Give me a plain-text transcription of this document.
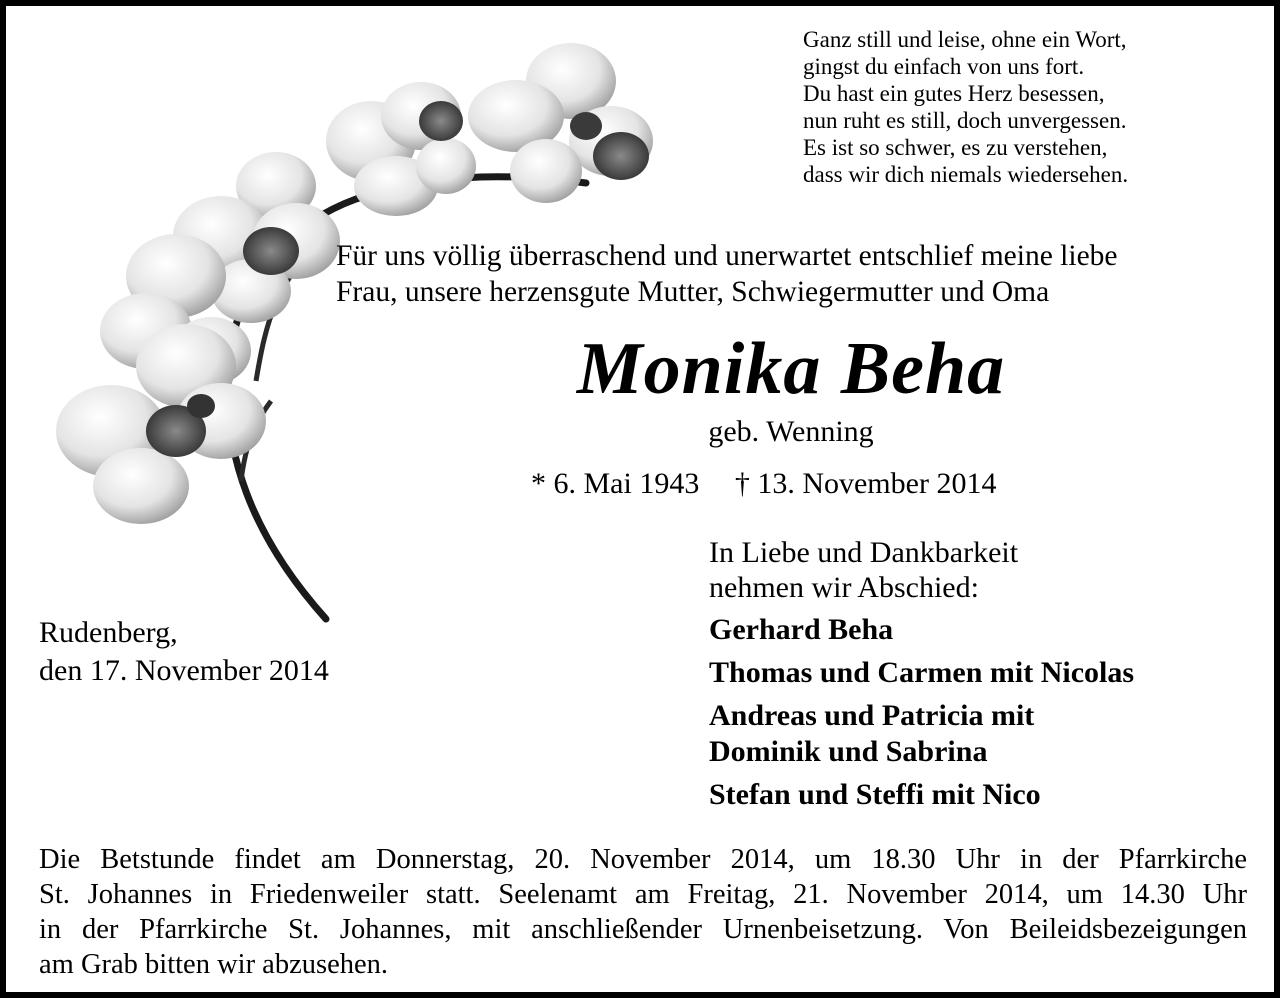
Ganz still und leise, ohne ein Wort,
gingst du einfach von uns fort.
Du hast ein gutes Herz besessen,
nun ruht es still, doch unvergessen.
Es ist so schwer, es zu verstehen,
dass wir dich niemals wiedersehen.
Für uns völlig überraschend und unerwartet entschlief meine liebe
Frau, unsere herzensgute Mutter, Schwiegermutter und Oma
Monika Beha
geb. Wenning
* 6. Mai 1943 † 13. November 2014
In Liebe und Dankbarkeit
nehmen wir Abschied:
Gerhard Beha
Thomas und Carmen mit Nicolas
Andreas und Patricia mit
Dominik und Sabrina
Stefan und Steffi mit Nico
Rudenberg,
den 17. November 2014
Die Betstunde findet am Donnerstag, 20. November 2014, um 18.30 Uhr in der Pfarrkirche
St. Johannes in Friedenweiler statt. Seelenamt am Freitag, 21. November 2014, um 14.30 Uhr
in der Pfarrkirche St. Johannes, mit anschließender Urnenbeisetzung. Von Beileidsbezeigungen
am Grab bitten wir abzusehen.
